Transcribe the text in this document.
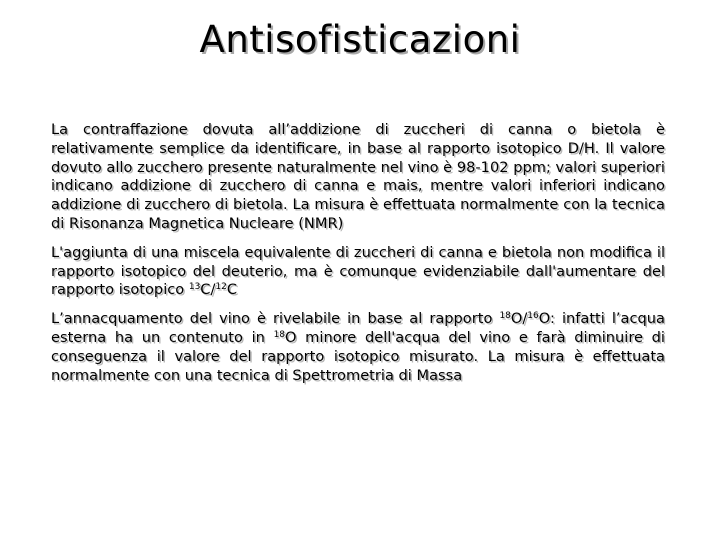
Antisofisticazioni

La contraffazione dovuta all’addizione di zuccheri di canna o bietola è relativamente semplice da identificare, in base al rapporto isotopico D/H. Il valore dovuto allo zucchero presente naturalmente nel vino è 98-102 ppm; valori superiori indicano addizione di zucchero di canna e mais, mentre valori inferiori indicano addizione di zucchero di bietola. La misura è effettuata normalmente con la tecnica di Risonanza Magnetica Nucleare (NMR)

L'aggiunta di una miscela equivalente di zuccheri di canna e bietola non modifica il rapporto isotopico del deuterio, ma è comunque evidenziabile dall'aumentare del rapporto isotopico $^{13}$C/$^{12}$C

L’annacquamento del vino è rivelabile in base al rapporto $^{18}$O/$^{16}$O: infatti l’acqua esterna ha un contenuto in $^{18}$O minore dell'acqua del vino e farà diminuire di conseguenza il valore del rapporto isotopico misurato. La misura è effettuata normalmente con una tecnica di Spettrometria di Massa
